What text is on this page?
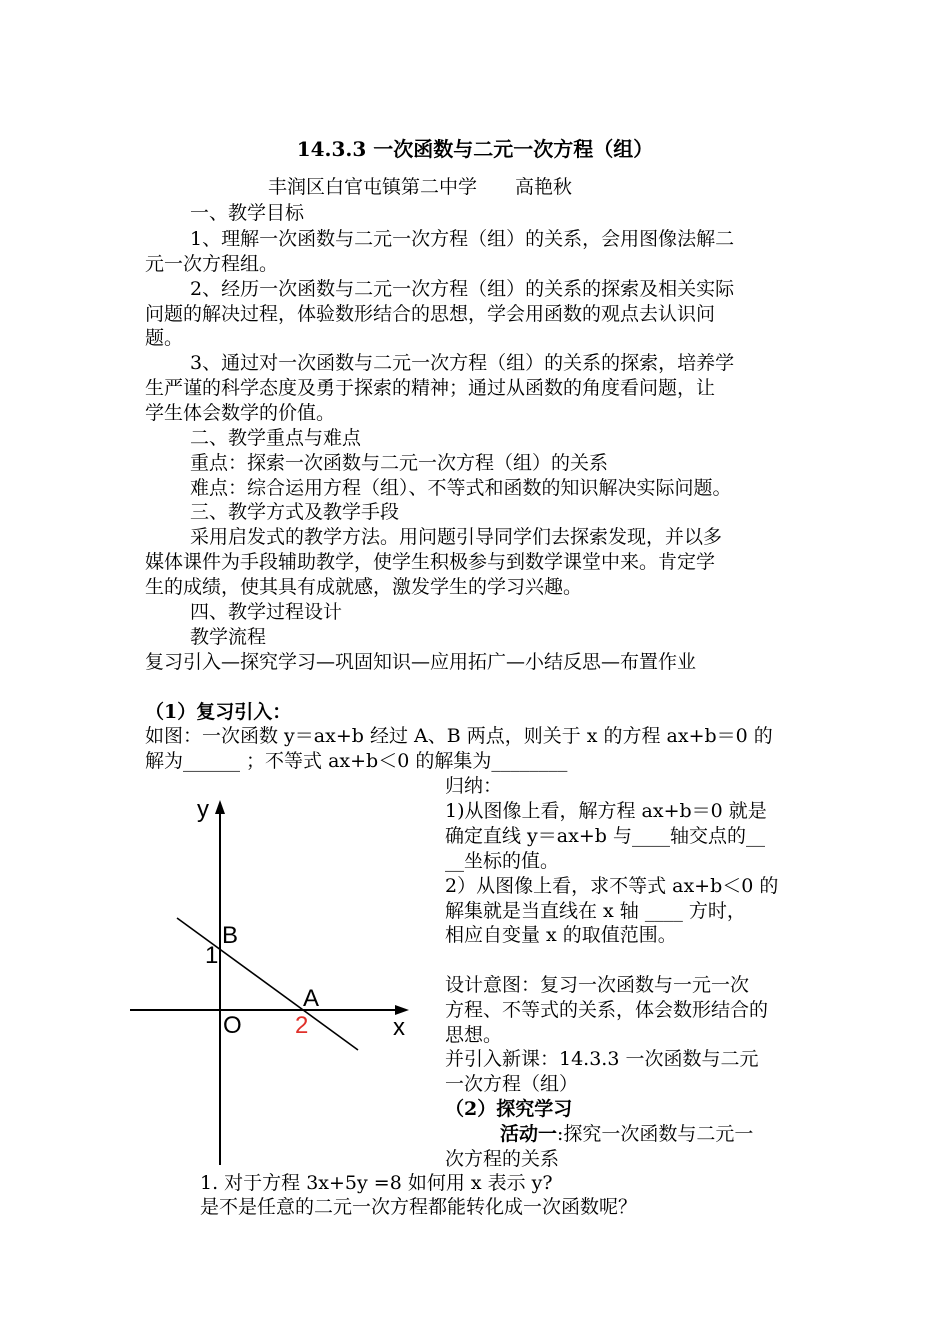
14.3.3 一次函数与二元一次方程（组）
丰润区白官屯镇第二中学　　高艳秋
一、教学目标
1、理解一次函数与二元一次方程（组）的关系，会用图像法解二
元一次方程组。
2、经历一次函数与二元一次方程（组）的关系的探索及相关实际
问题的解决过程，体验数形结合的思想，学会用函数的观点去认识问
题。
3、通过对一次函数与二元一次方程（组）的关系的探索，培养学
生严谨的科学态度及勇于探索的精神；通过从函数的角度看问题，让
学生体会数学的价值。
二、教学重点与难点
重点：探索一次函数与二元一次方程（组）的关系
难点：综合运用方程（组）、不等式和函数的知识解决实际问题。
三、教学方式及教学手段
采用启发式的教学方法。用问题引导同学们去探索发现，并以多
媒体课件为手段辅助教学，使学生积极参与到数学课堂中来。肯定学
生的成绩，使其具有成就感，激发学生的学习兴趣。
四、教学过程设计
教学流程
复习引入—探究学习—巩固知识—应用拓广—小结反思—布置作业
（1）复习引入：
如图：一次函数 y＝ax+b 经过 A、B 两点，则关于 x 的方程 ax+b＝0 的
解为______ ；不等式 ax+b＜0 的解集为________
归纳：
1)从图像上看，解方程 ax+b＝0 就是
确定直线 y＝ax+b 与____轴交点的__
__坐标的值。
2）从图像上看，求不等式 ax+b＜0 的
解集就是当直线在 x 轴 ____ 方时，
相应自变量 x 的取值范围。
设计意图：复习一次函数与一元一次
方程、不等式的关系，体会数形结合的
思想。
并引入新课：14.3.3 一次函数与二元
一次方程（组）
（2）探究学习
活动一:探究一次函数与二元一
次方程的关系
1. 对于方程 3x+5y =8 如何用 x 表示 y?
是不是任意的二元一次方程都能转化成一次函数呢？
y
x
O
B
A
1
2
